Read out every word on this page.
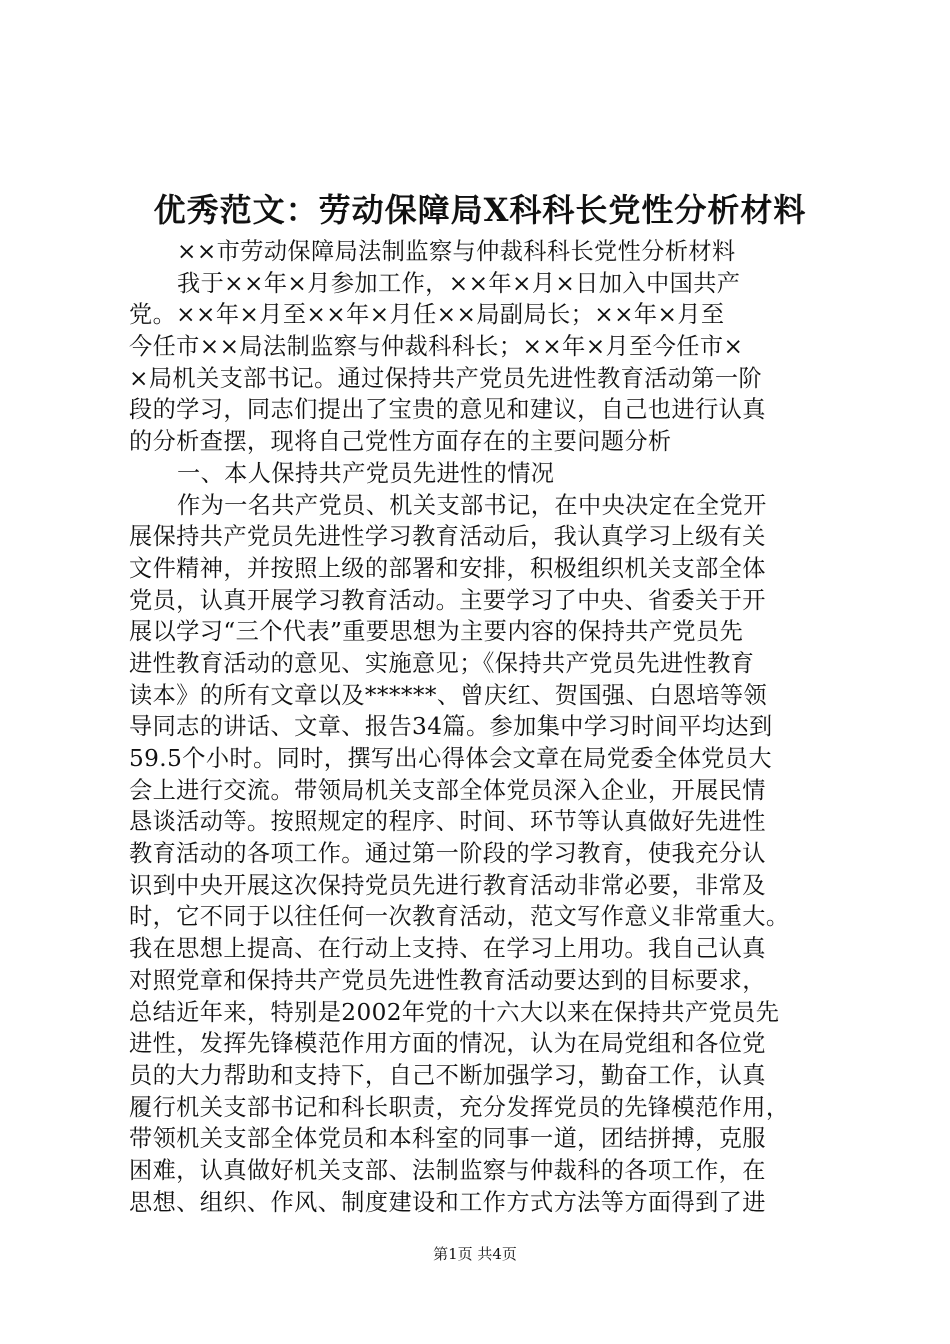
优秀范文：劳动保障局X科科长党性分析材料
××市劳动保障局法制监察与仲裁科科长党性分析材料
我于××年×月参加工作，××年×月×日加入中国共产
党。××年×月至××年×月任××局副局长；××年×月至
今任市××局法制监察与仲裁科科长；××年×月至今任市×
×局机关支部书记。通过保持共产党员先进性教育活动第一阶
段的学习，同志们提出了宝贵的意见和建议，自己也进行认真
的分析查摆，现将自己党性方面存在的主要问题分析
一、本人保持共产党员先进性的情况
作为一名共产党员、机关支部书记，在中央决定在全党开
展保持共产党员先进性学习教育活动后，我认真学习上级有关
文件精神，并按照上级的部署和安排，积极组织机关支部全体
党员，认真开展学习教育活动。主要学习了中央、省委关于开
展以学习“三个代表”重要思想为主要内容的保持共产党员先
进性教育活动的意见、实施意见；《保持共产党员先进性教育
读本》的所有文章以及******、曾庆红、贺国强、白恩培等领
导同志的讲话、文章、报告34篇。参加集中学习时间平均达到
59.5个小时。同时，撰写出心得体会文章在局党委全体党员大
会上进行交流。带领局机关支部全体党员深入企业，开展民情
恳谈活动等。按照规定的程序、时间、环节等认真做好先进性
教育活动的各项工作。通过第一阶段的学习教育，使我充分认
识到中央开展这次保持党员先进行教育活动非常必要，非常及
时，它不同于以往任何一次教育活动，范文写作意义非常重大。
我在思想上提高、在行动上支持、在学习上用功。我自己认真
对照党章和保持共产党员先进性教育活动要达到的目标要求，
总结近年来，特别是2002年党的十六大以来在保持共产党员先
进性，发挥先锋模范作用方面的情况，认为在局党组和各位党
员的大力帮助和支持下，自己不断加强学习，勤奋工作，认真
履行机关支部书记和科长职责，充分发挥党员的先锋模范作用，
带领机关支部全体党员和本科室的同事一道，团结拼搏，克服
困难，认真做好机关支部、法制监察与仲裁科的各项工作，在
思想、组织、作风、制度建设和工作方式方法等方面得到了进
第1页 共4页
